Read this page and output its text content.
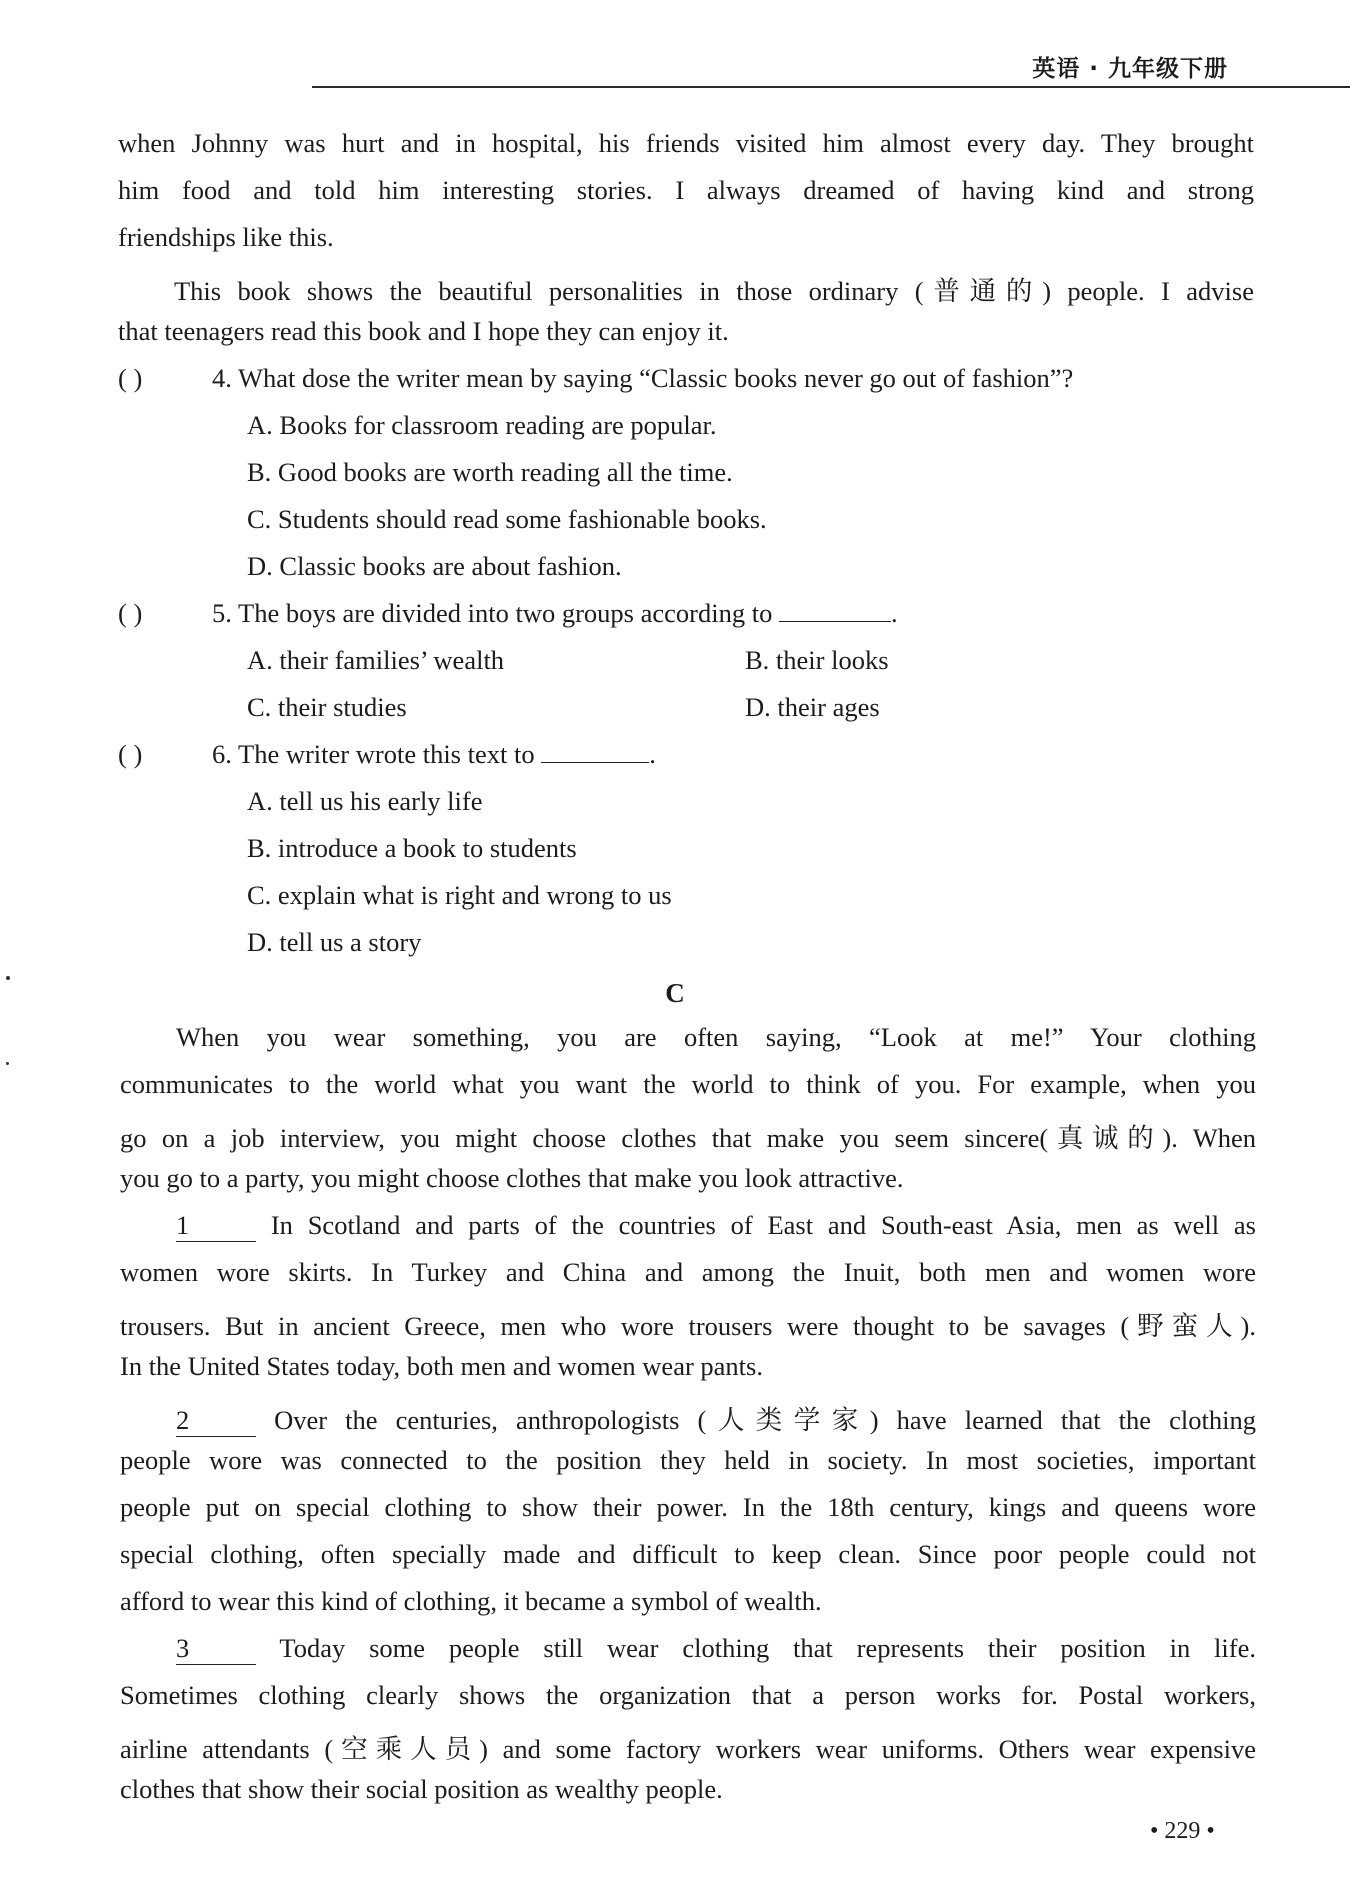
英语 · 九年级下册
when Johnny was hurt and in hospital, his friends visited him almost every day. They brought
him food and told him interesting stories. I always dreamed of having kind and strong
friendships like this.
This book shows the beautiful personalities in those ordinary (普通的) people. I advise
that teenagers read this book and I hope they can enjoy it.
( )	4. What dose the writer mean by saying “Classic books never go out of fashion”?
A. Books for classroom reading are popular.
B. Good books are worth reading all the time.
C. Students should read some fashionable books.
D. Classic books are about fashion.
( )	5. The boys are divided into two groups according to	.
A. their families’ wealth	B. their looks
C. their studies	D. their ages
( )	6. The writer wrote this text to	.
A. tell us his early life
B. introduce a book to students
C. explain what is right and wrong to us
D. tell us a story
C
When you wear something, you are often saying, “Look at me!” Your clothing
communicates to the world what you want the world to think of you. For example, when you
go on a job interview, you might choose clothes that make you seem sincere(真诚的). When
you go to a party, you might choose clothes that make you look attractive.
1	In Scotland and parts of the countries of East and South-east Asia, men as well as
women wore skirts. In Turkey and China and among the Inuit, both men and women wore
trousers. But in ancient Greece, men who wore trousers were thought to be savages (野蛮人).
In the United States today, both men and women wear pants.
2	Over the centuries, anthropologists (人类学家) have learned that the clothing
people wore was connected to the position they held in society. In most societies, important
people put on special clothing to show their power. In the 18th century, kings and queens wore
special clothing, often specially made and difficult to keep clean. Since poor people could not
afford to wear this kind of clothing, it became a symbol of wealth.
3	Today some people still wear clothing that represents their position in life.
Sometimes clothing clearly shows the organization that a person works for. Postal workers,
airline attendants (空乘人员) and some factory workers wear uniforms. Others wear expensive
clothes that show their social position as wealthy people.
• 229 •
